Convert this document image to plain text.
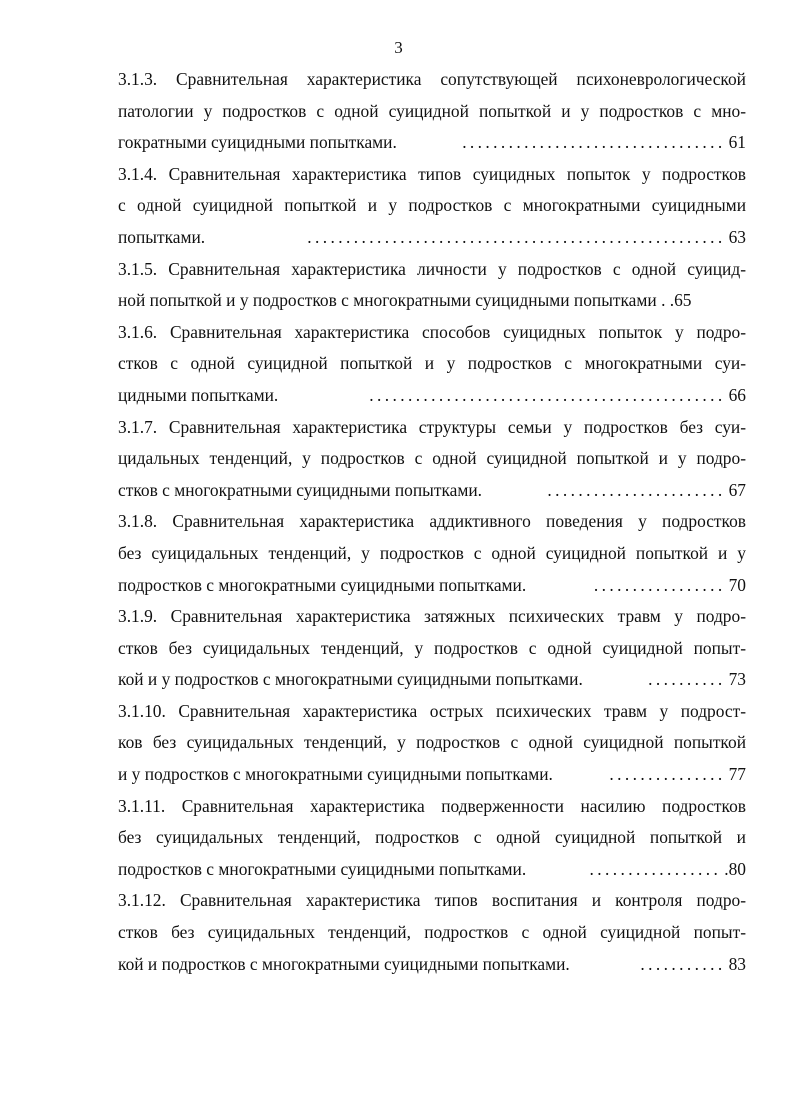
3
3.1.3. Сравнительная характеристика сопутствующей психоневрологической
патологии у подростков с одной суицидной попыткой и у подростков с мно-
гократными суицидными попытками.	.................................. 61
3.1.4. Сравнительная характеристика типов суицидных попыток у подростков
с одной суицидной попыткой и у подростков с многократными суицидными
попытками.	...................................................... 63
3.1.5. Сравнительная характеристика личности у подростков с одной суицид-
ной попыткой и у подростков с многократными суицидными попытками . .65
3.1.6. Сравнительная характеристика способов суицидных попыток у подро-
стков с одной суицидной попыткой и у подростков с многократными суи-
цидными попытками.	.............................................. 66
3.1.7. Сравнительная характеристика структуры семьи у подростков без суи-
цидальных тенденций, у подростков с одной суицидной попыткой и у подро-
стков с многократными суицидными попытками.	....................... 67
3.1.8. Сравнительная характеристика аддиктивного поведения у подростков
без суицидальных тенденций, у подростков с одной суицидной попыткой и у
подростков с многократными суицидными попытками.	................. 70
3.1.9. Сравнительная характеристика затяжных психических травм у подро-
стков без суицидальных тенденций, у подростков с одной суицидной попыт-
кой и у подростков с многократными суицидными попытками.	.......... 73
3.1.10. Сравнительная характеристика острых психических травм у подрост-
ков без суицидальных тенденций, у подростков с одной суицидной попыткой
и у подростков с многократными суицидными попытками.	............... 77
3.1.11. Сравнительная характеристика подверженности насилию подростков
без суицидальных тенденций, подростков с одной суицидной попыткой и
подростков с многократными суицидными попытками.	................. .80
3.1.12. Сравнительная характеристика типов воспитания и контроля подро-
стков без суицидальных тенденций, подростков с одной суицидной попыт-
кой и подростков с многократными суицидными попытками.	........... 83
